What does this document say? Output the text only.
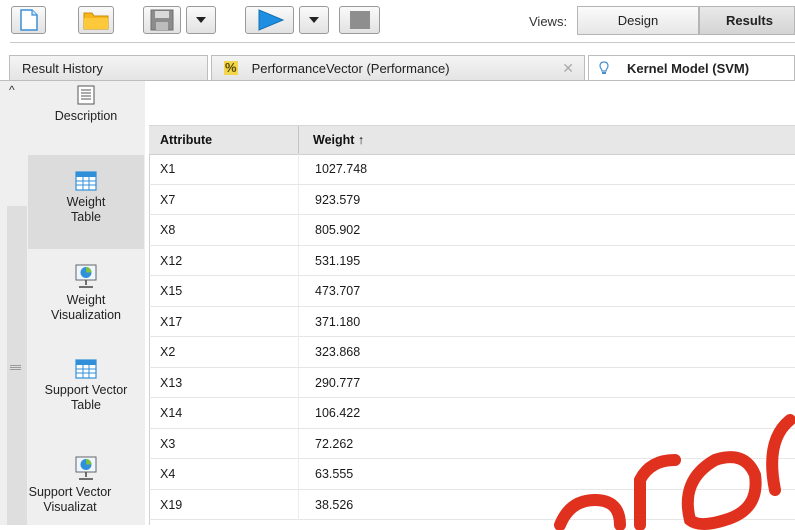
Views:	Design	Results
Result History	% PerformanceVector (Performance)	✕	Kernel Model (SVM)
^
Description
Weight Table
Weight Visualization
Support Vector Table
Support Vector Visualizat
Attribute	Weight ↑
X1	1027.748
X7	923.579
X8	805.902
X12	531.195
X15	473.707
X17	371.180
X2	323.868
X13	290.777
X14	106.422
X3	72.262
X4	63.555
X19	38.526
